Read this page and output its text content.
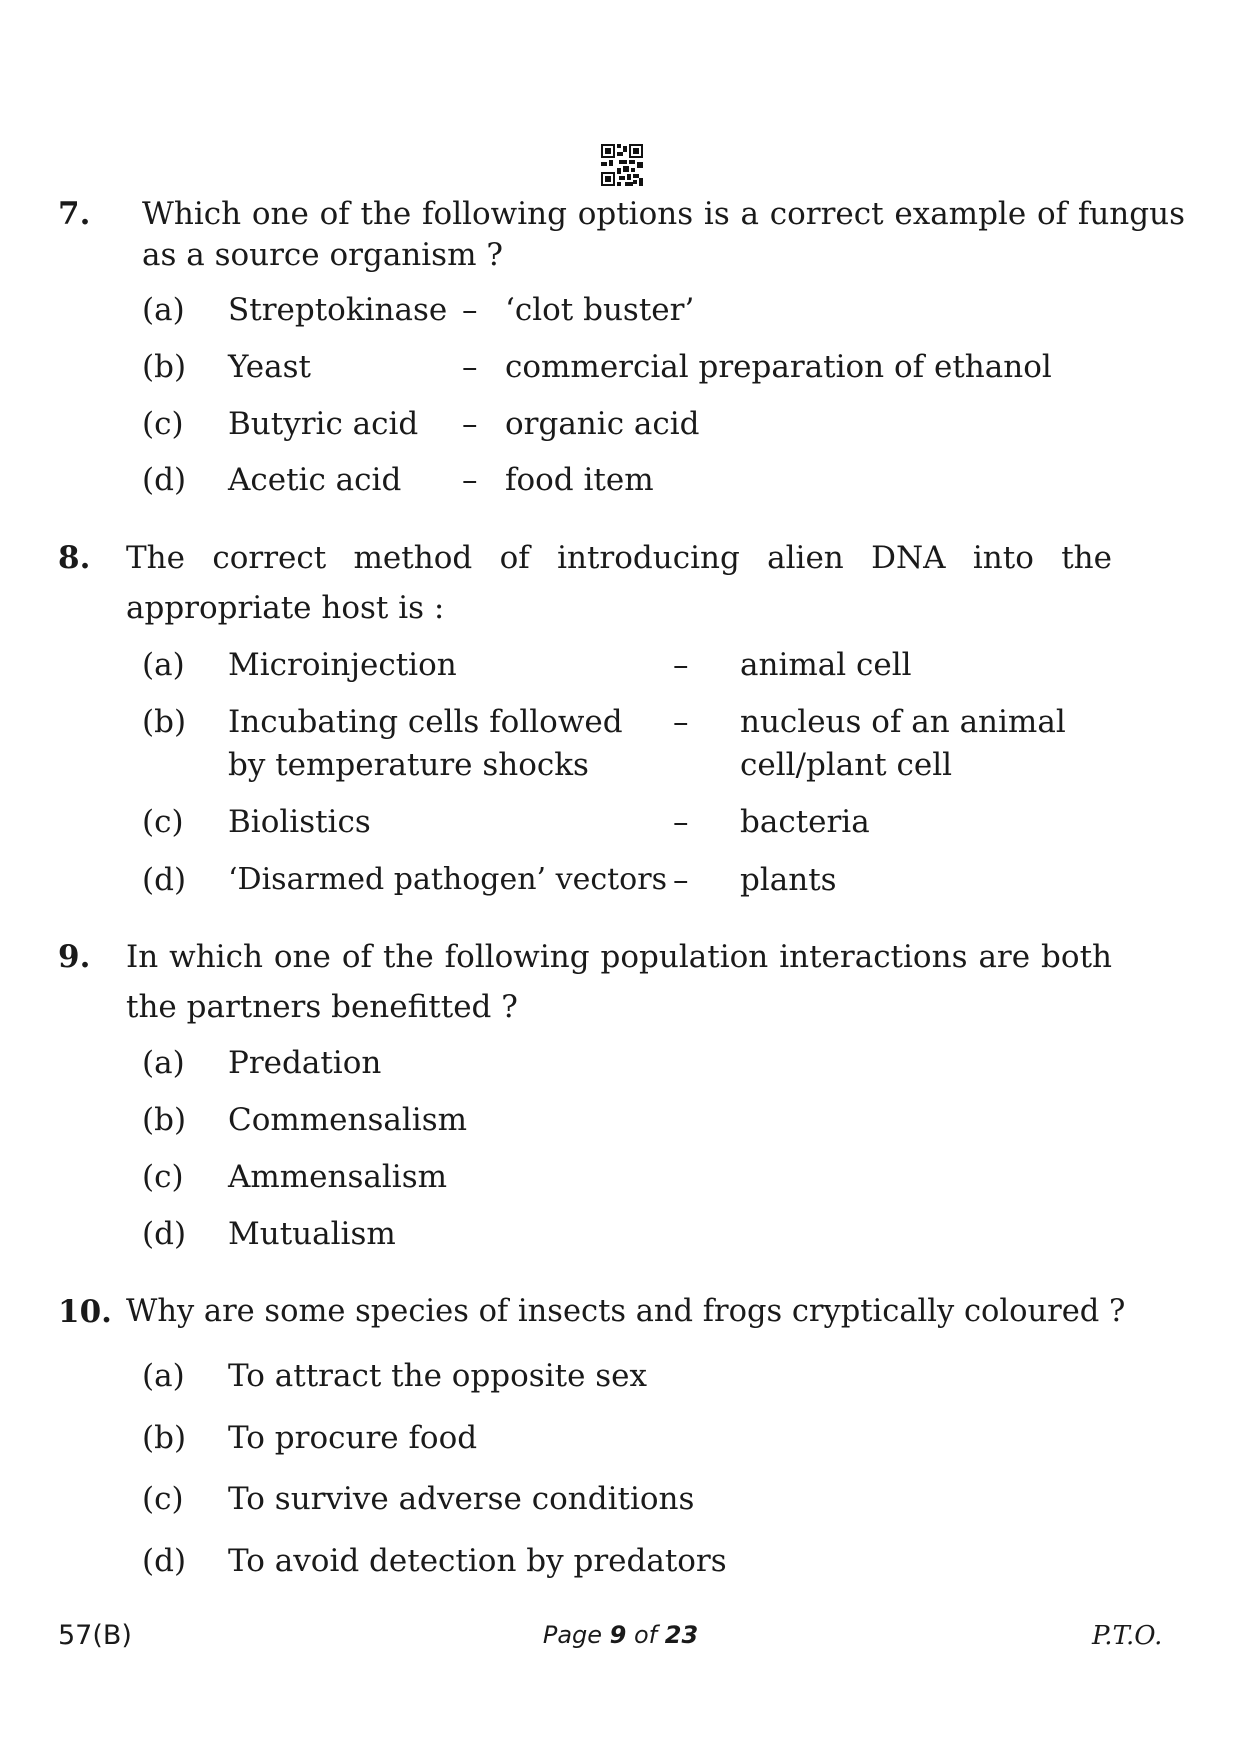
7. Which one of the following options is a correct example of fungus
as a source organism ?
(a) Streptokinase – ‘clot buster’
(b) Yeast	– commercial preparation of ethanol
(c) Butyric acid – organic acid
(d) Acetic acid – food item
8. The correct method of introducing alien DNA into the
appropriate host is :
(a) Microinjection	– animal cell
(b) Incubating cells followed – nucleus of an animal
by temperature shocks	cell/plant cell
(c) Biolistics	– bacteria
(d) ‘Disarmed pathogen’ vectors – plants
9. In which one of the following population interactions are both
the partners benefitted ?
(a) Predation
(b) Commensalism
(c) Ammensalism
(d) Mutualism
10. Why are some species of insects and frogs cryptically coloured ?
(a) To attract the opposite sex
(b) To procure food
(c) To survive adverse conditions
(d) To avoid detection by predators
57(B)	Page 9 of 23	P.T.O.
